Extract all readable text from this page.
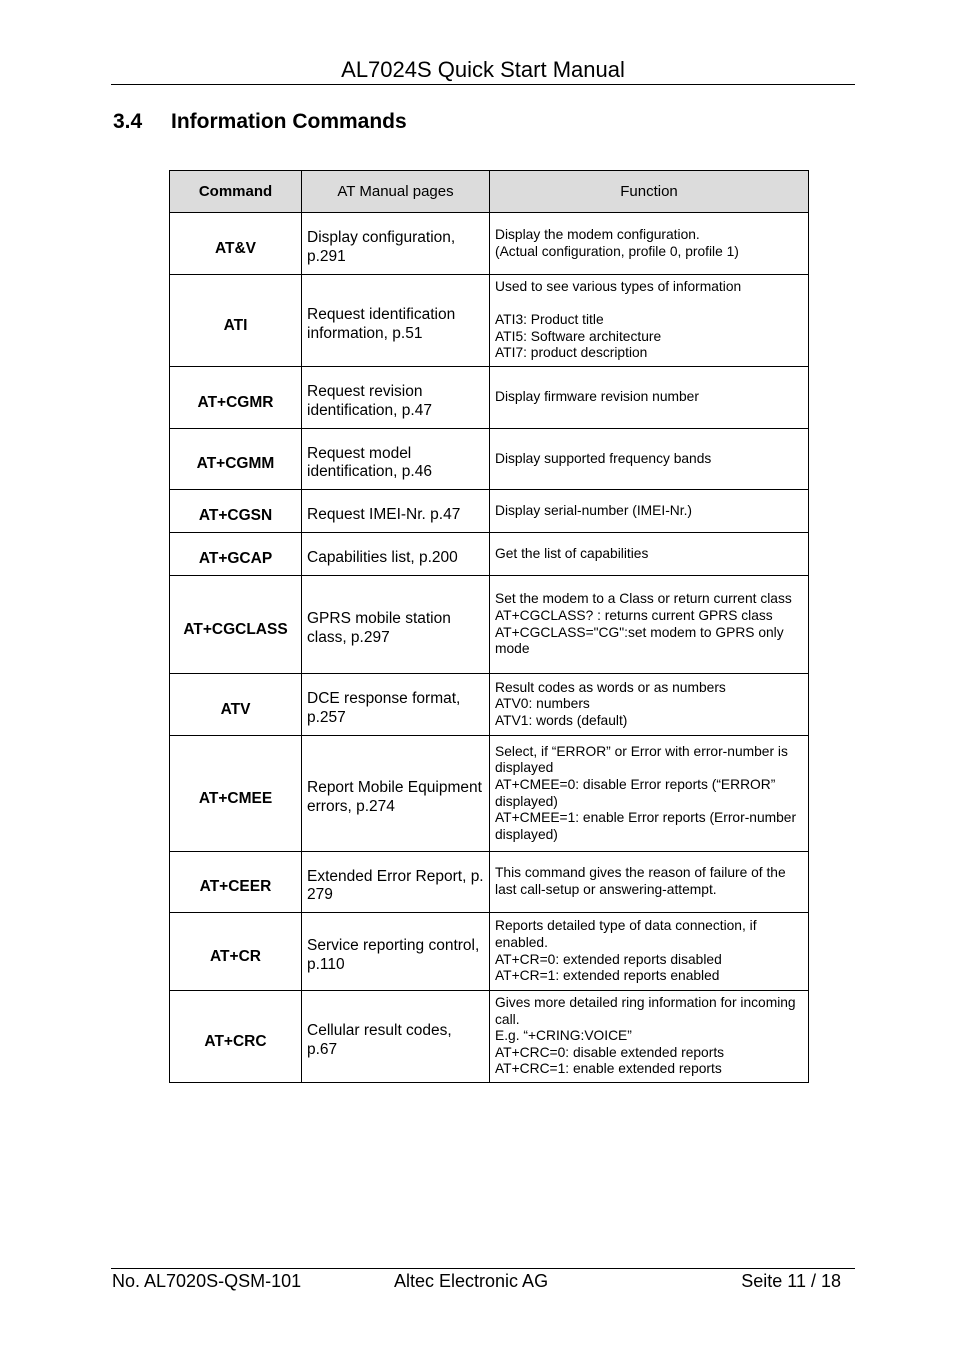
AL7024S Quick Start Manual
3.4 Information Commands
Command	AT Manual pages	Function
AT&V	Display configuration, p.291	Display the modem configuration.
(Actual configuration, profile 0, profile 1)
ATI	Request identification information, p.51	Used to see various types of information

ATI3: Product title
ATI5: Software architecture
ATI7: product description
AT+CGMR	Request revision identification, p.47	Display firmware revision number
AT+CGMM	Request model identification, p.46	Display supported frequency bands
AT+CGSN	Request IMEI-Nr. p.47	Display serial-number (IMEI-Nr.)
AT+GCAP	Capabilities list, p.200	Get the list of capabilities
AT+CGCLASS	GPRS mobile station class, p.297	Set the modem to a Class or return current class
AT+CGCLASS? : returns current GPRS class
AT+CGCLASS="CG":set modem to GPRS only mode
ATV	DCE response format, p.257	Result codes as words or as numbers
ATV0: numbers
ATV1: words (default)
AT+CMEE	Report Mobile Equipment errors, p.274	Select, if “ERROR” or Error with error-number is displayed
AT+CMEE=0: disable Error reports (“ERROR” displayed)
AT+CMEE=1: enable Error reports (Error-number displayed)
AT+CEER	Extended Error Report, p. 279	This command gives the reason of failure of the last call-setup or answering-attempt.
AT+CR	Service reporting control, p.110	Reports detailed type of data connection, if enabled.
AT+CR=0: extended reports disabled
AT+CR=1: extended reports enabled
AT+CRC	Cellular result codes, p.67	Gives more detailed ring information for incoming call.
E.g. “+CRING:VOICE”
AT+CRC=0: disable extended reports
AT+CRC=1: enable extended reports
No. AL7020S-QSM-101	Altec Electronic AG	Seite 11 / 18
